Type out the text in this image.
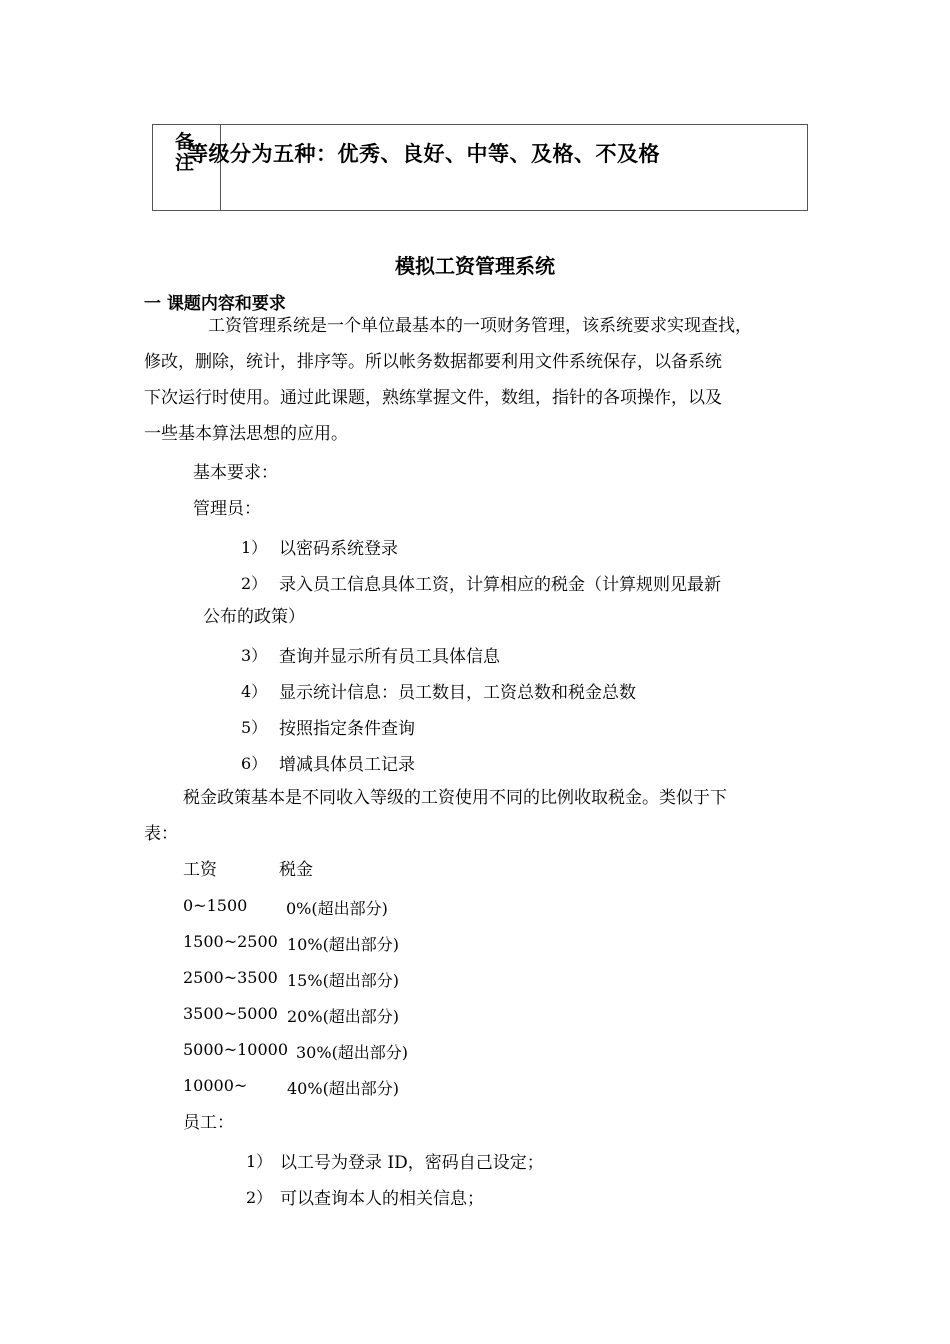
备注
等级分为五种：优秀、良好、中等、及格、不及格
模拟工资管理系统
一 课题内容和要求
工资管理系统是一个单位最基本的一项财务管理，该系统要求实现查找，
修改，删除，统计，排序等。所以帐务数据都要利用文件系统保存，以备系统
下次运行时使用。通过此课题，熟练掌握文件，数组，指针的各项操作，以及
一些基本算法思想的应用。
基本要求：
管理员：
1） 以密码系统登录
2） 录入员工信息具体工资，计算相应的税金（计算规则见最新
公布的政策）
3） 查询并显示所有员工具体信息
4） 显示统计信息：员工数目，工资总数和税金总数
5） 按照指定条件查询
6） 增减具体员工记录
税金政策基本是不同收入等级的工资使用不同的比例收取税金。类似于下
表：
工资	税金
0~1500 0%(超出部分)
1500~2500 10%(超出部分)
2500~3500 15%(超出部分)
3500~5000 20%(超出部分)
5000~10000 30%(超出部分)
10000~ 40%(超出部分)
员工：
1） 以工号为登录 ID，密码自己设定；
2） 可以查询本人的相关信息；
